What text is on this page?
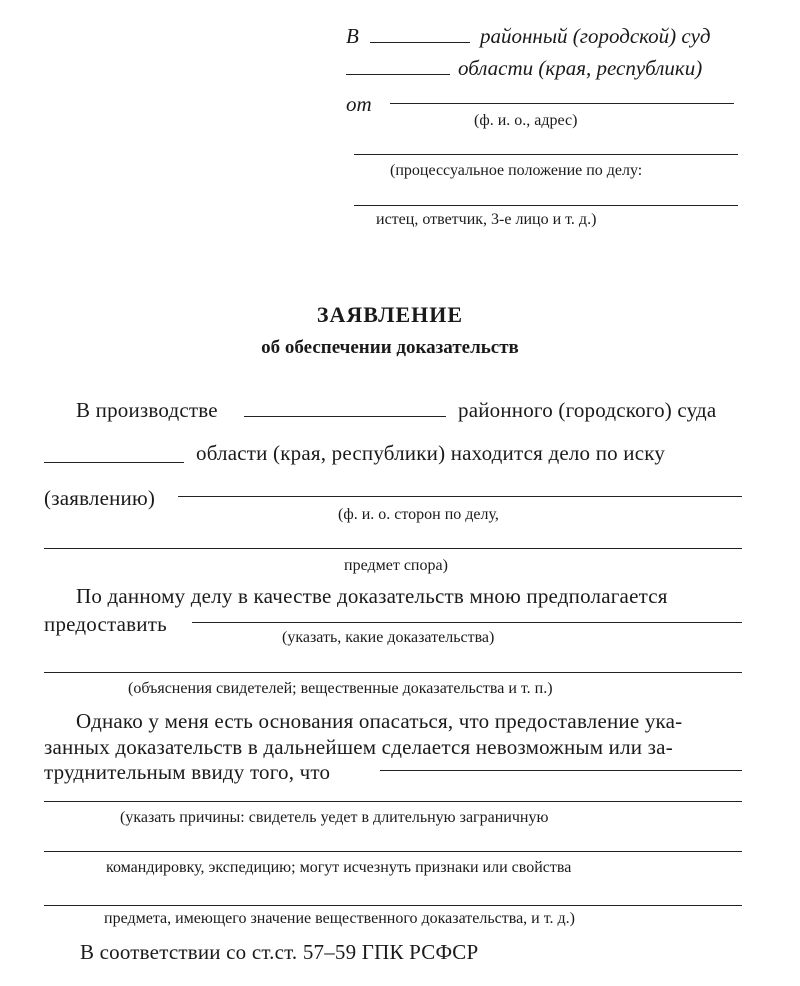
В	районный (городской) суд
области (края, республики)
от
(ф. и. о., адрес)
(процессуальное положение по делу:
истец, ответчик, 3-е лицо и т. д.)
ЗАЯВЛЕНИЕ
об обеспечении доказательств
В производстве	районного (городского) суда
области (края, республики) находится дело по иску
(заявлению)
(ф. и. о. сторон по делу,
предмет спора)
По данному делу в качестве доказательств мною предполагается
предоставить
(указать, какие доказательства)
(объяснения свидетелей; вещественные доказательства и т. п.)
Однако у меня есть основания опасаться, что предоставление ука-
занных доказательств в дальнейшем сделается невозможным или за-
труднительным ввиду того, что
(указать причины: свидетель уедет в длительную заграничную
командировку, экспедицию; могут исчезнуть признаки или свойства
предмета, имеющего значение вещественного доказательства, и т. д.)
В соответствии со ст.ст. 57–59 ГПК РСФСР
